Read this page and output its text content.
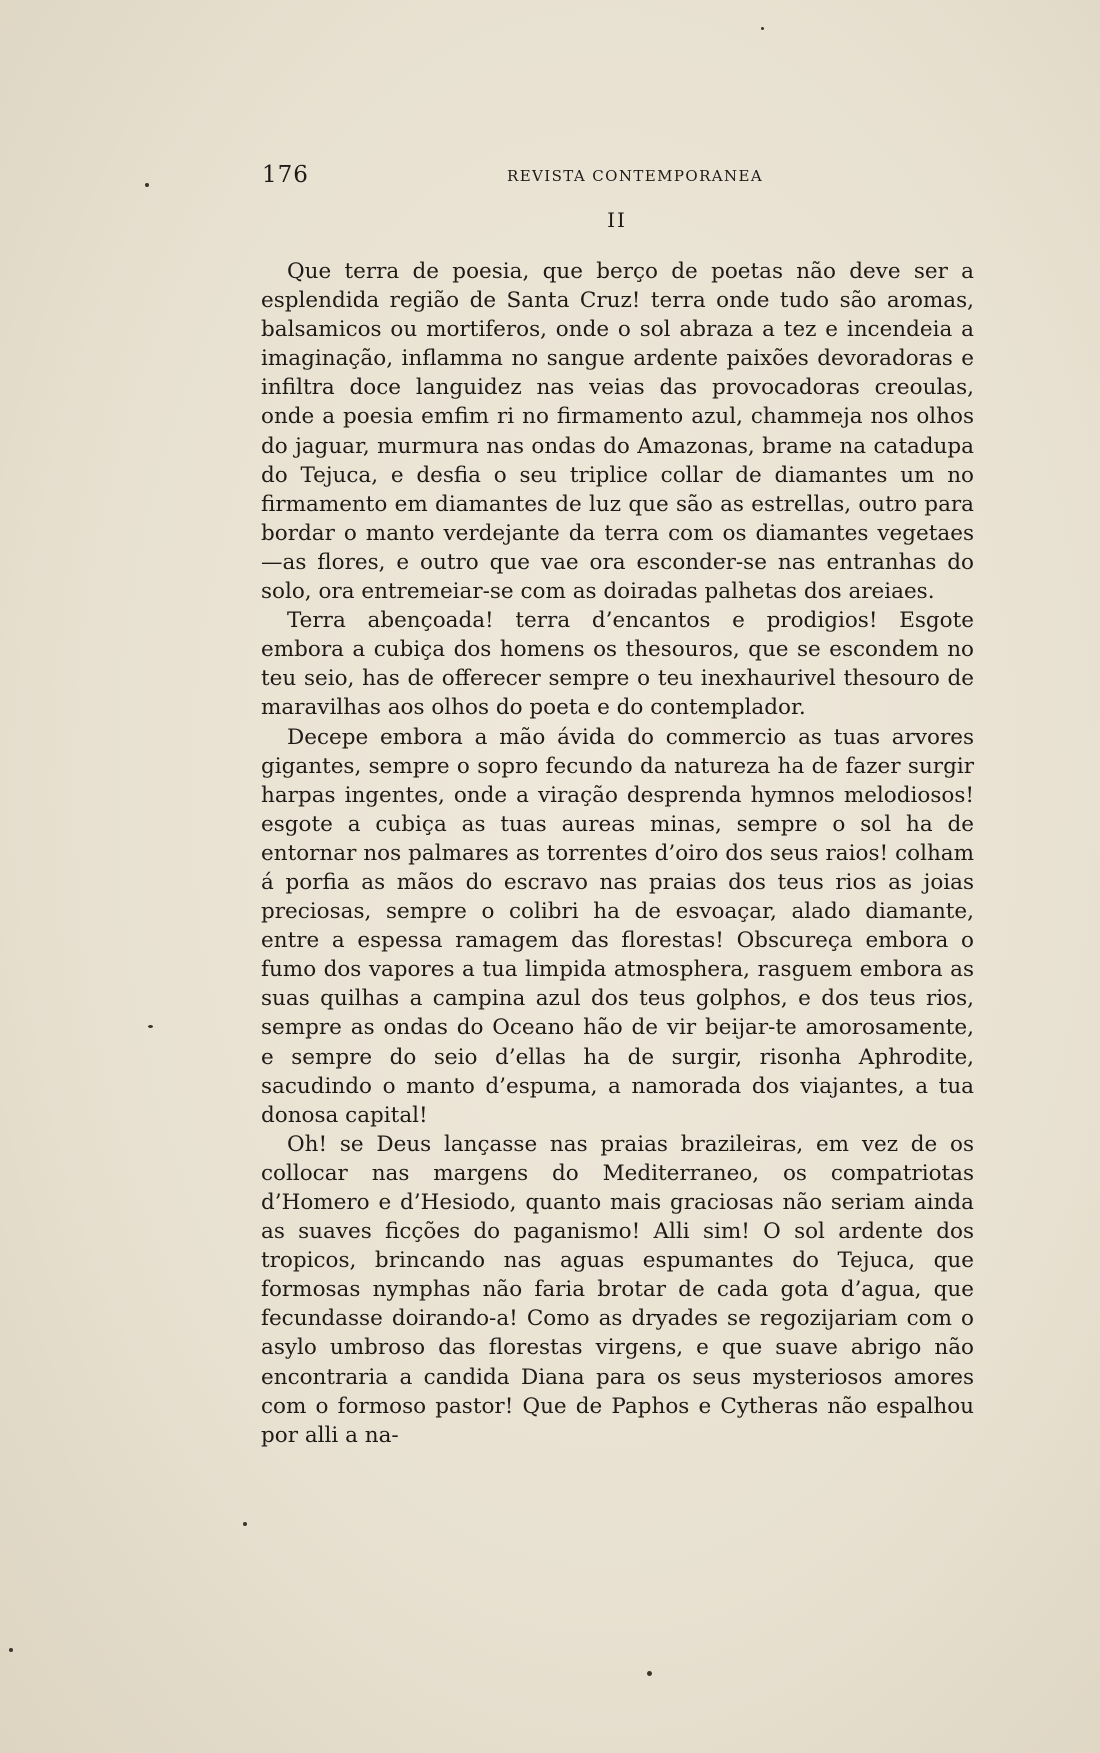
176	REVISTA CONTEMPORANEA
II

Que terra de poesia, que berço de poetas não deve ser a esplendida região de Santa Cruz! terra onde tudo são aromas, balsamicos ou mortiferos, onde o sol abraza a tez e incendeia a imaginação, inflamma no sangue ardente paixões devoradoras e infiltra doce languidez nas veias das provocadoras creoulas, onde a poesia emfim ri no firmamento azul, chammeja nos olhos do jaguar, murmura nas ondas do Amazonas, brame na catadupa do Tejuca, e desfia o seu triplice collar de diamantes um no firmamento em diamantes de luz que são as estrellas, outro para bordar o manto verdejante da terra com os diamantes vegetaes—as flores, e outro que vae ora esconder-se nas entranhas do solo, ora entremeiar-se com as doiradas palhetas dos areiaes.

Terra abençoada! terra d’encantos e prodigios! Esgote embora a cubiça dos homens os thesouros, que se escondem no teu seio, has de offerecer sempre o teu inexhaurivel thesouro de maravilhas aos olhos do poeta e do contemplador.

Decepe embora a mão ávida do commercio as tuas arvores gigantes, sempre o sopro fecundo da natureza ha de fazer surgir harpas ingentes, onde a viração desprenda hymnos melodiosos! esgote a cubiça as tuas aureas minas, sempre o sol ha de entornar nos palmares as torrentes d’oiro dos seus raios! colham á porfia as mãos do escravo nas praias dos teus rios as joias preciosas, sempre o colibri ha de esvoaçar, alado diamante, entre a espessa ramagem das florestas! Obscureça embora o fumo dos vapores a tua limpida atmosphera, rasguem embora as suas quilhas a campina azul dos teus golphos, e dos teus rios, sempre as ondas do Oceano hão de vir beijar-te amorosamente, e sempre do seio d’ellas ha de surgir, risonha Aphrodite, sacudindo o manto d’espuma, a namorada dos viajantes, a tua donosa capital!

Oh! se Deus lançasse nas praias brazileiras, em vez de os collocar nas margens do Mediterraneo, os compatriotas d’Homero e d’Hesiodo, quanto mais graciosas não seriam ainda as suaves ficções do paganismo! Alli sim! O sol ardente dos tropicos, brincando nas aguas espumantes do Tejuca, que formosas nymphas não faria brotar de cada gota d’agua, que fecundasse doirando-a! Como as dryades se regozijariam com o asylo umbroso das florestas virgens, e que suave abrigo não encontraria a candida Diana para os seus mysteriosos amores com o formoso pastor! Que de Paphos e Cytheras não espalhou por alli a na-
